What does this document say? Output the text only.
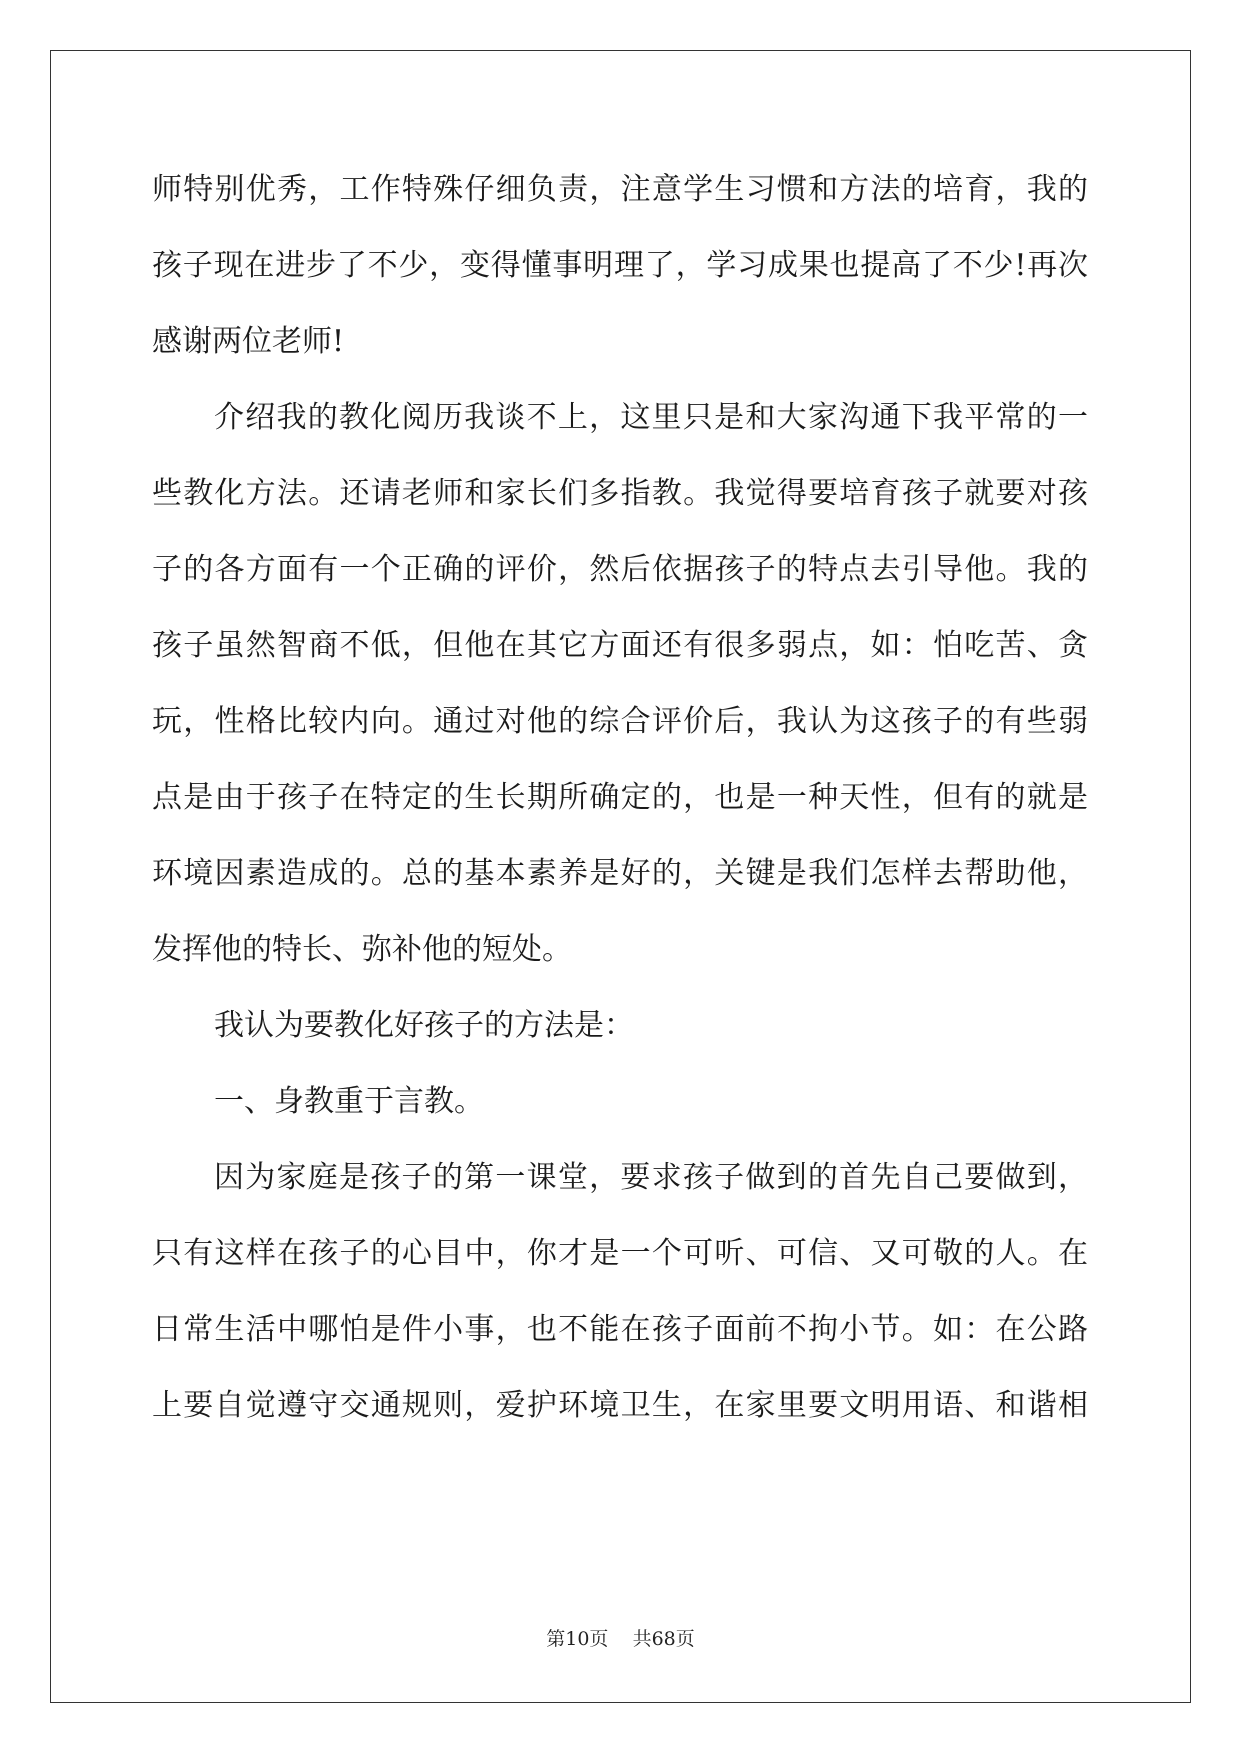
师特别优秀，工作特殊仔细负责，注意学生习惯和方法的培育，我的
孩子现在进步了不少，变得懂事明理了，学习成果也提高了不少!再次
感谢两位老师!
介绍我的教化阅历我谈不上，这里只是和大家沟通下我平常的一
些教化方法。还请老师和家长们多指教。我觉得要培育孩子就要对孩
子的各方面有一个正确的评价，然后依据孩子的特点去引导他。我的
孩子虽然智商不低，但他在其它方面还有很多弱点，如：怕吃苦、贪
玩，性格比较内向。通过对他的综合评价后，我认为这孩子的有些弱
点是由于孩子在特定的生长期所确定的，也是一种天性，但有的就是
环境因素造成的。总的基本素养是好的，关键是我们怎样去帮助他，
发挥他的特长、弥补他的短处。
我认为要教化好孩子的方法是：
一、身教重于言教。
因为家庭是孩子的第一课堂，要求孩子做到的首先自己要做到，
只有这样在孩子的心目中，你才是一个可听、可信、又可敬的人。在
日常生活中哪怕是件小事，也不能在孩子面前不拘小节。如：在公路
上要自觉遵守交通规则，爱护环境卫生，在家里要文明用语、和谐相
第10页    共68页
